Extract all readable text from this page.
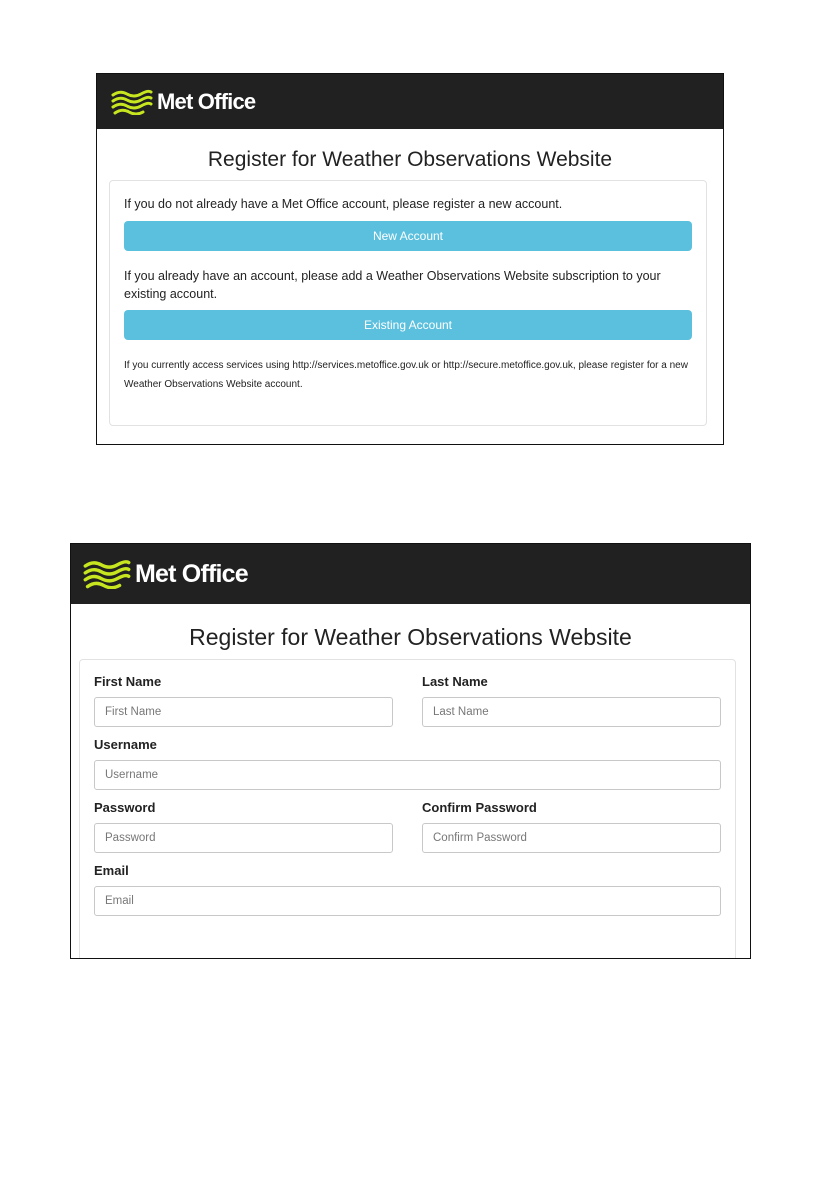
Met Office
Register for Weather Observations Website

If you do not already have a Met Office account, please register a new account.

New Account

If you already have an account, please add a Weather Observations Website subscription to your existing account.

Existing Account

If you currently access services using http://services.metoffice.gov.uk or http://secure.metoffice.gov.uk, please register for a new Weather Observations Website account.

Met Office
Register for Weather Observations Website
First Name
First Name	Last Name
Last Name
Username
Username
Password	Confirm Password
Email
Email
